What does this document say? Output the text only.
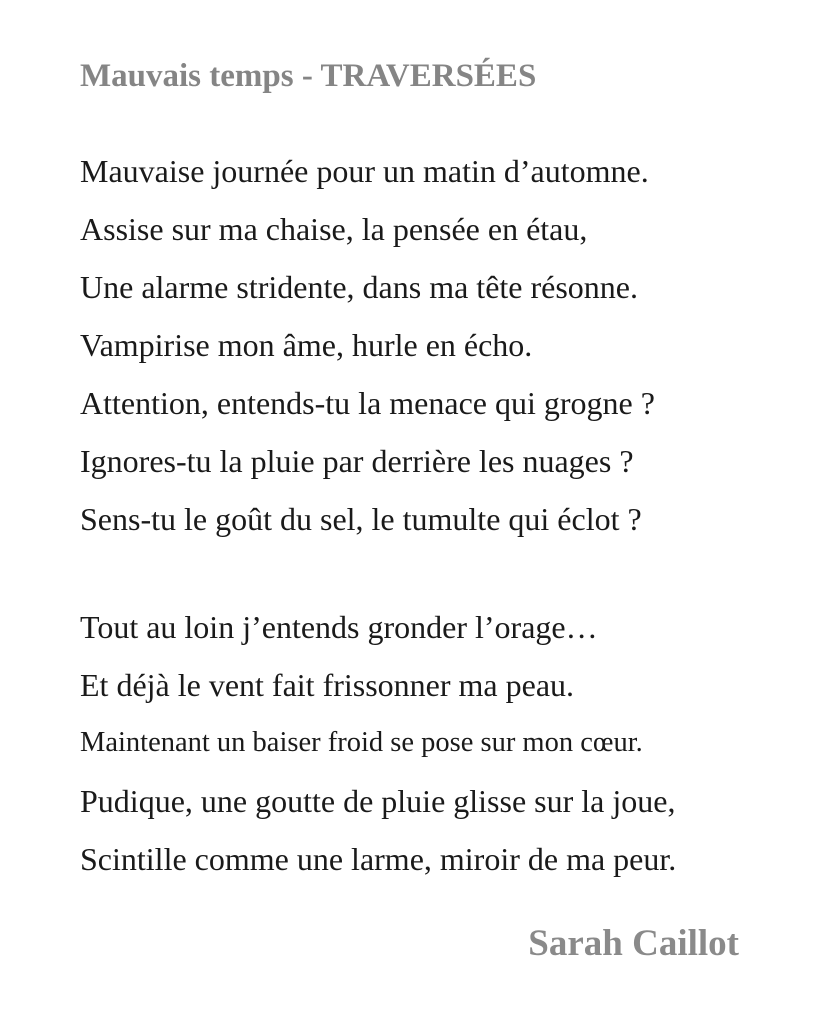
Mauvais temps - TRAVERSÉES
Mauvaise journée pour un matin d’automne.
Assise sur ma chaise, la pensée en étau,
Une alarme stridente, dans ma tête résonne.
Vampirise mon âme, hurle en écho.
Attention, entends-tu la menace qui grogne ?
Ignores-tu la pluie par derrière les nuages ?
Sens-tu le goût du sel, le tumulte qui éclot ?
Tout au loin j’entends gronder l’orage…
Et déjà le vent fait frissonner ma peau.
Maintenant un baiser froid se pose sur mon cœur.
Pudique, une goutte de pluie glisse sur la joue,
Scintille comme une larme, miroir de ma peur.

Sarah Caillot
